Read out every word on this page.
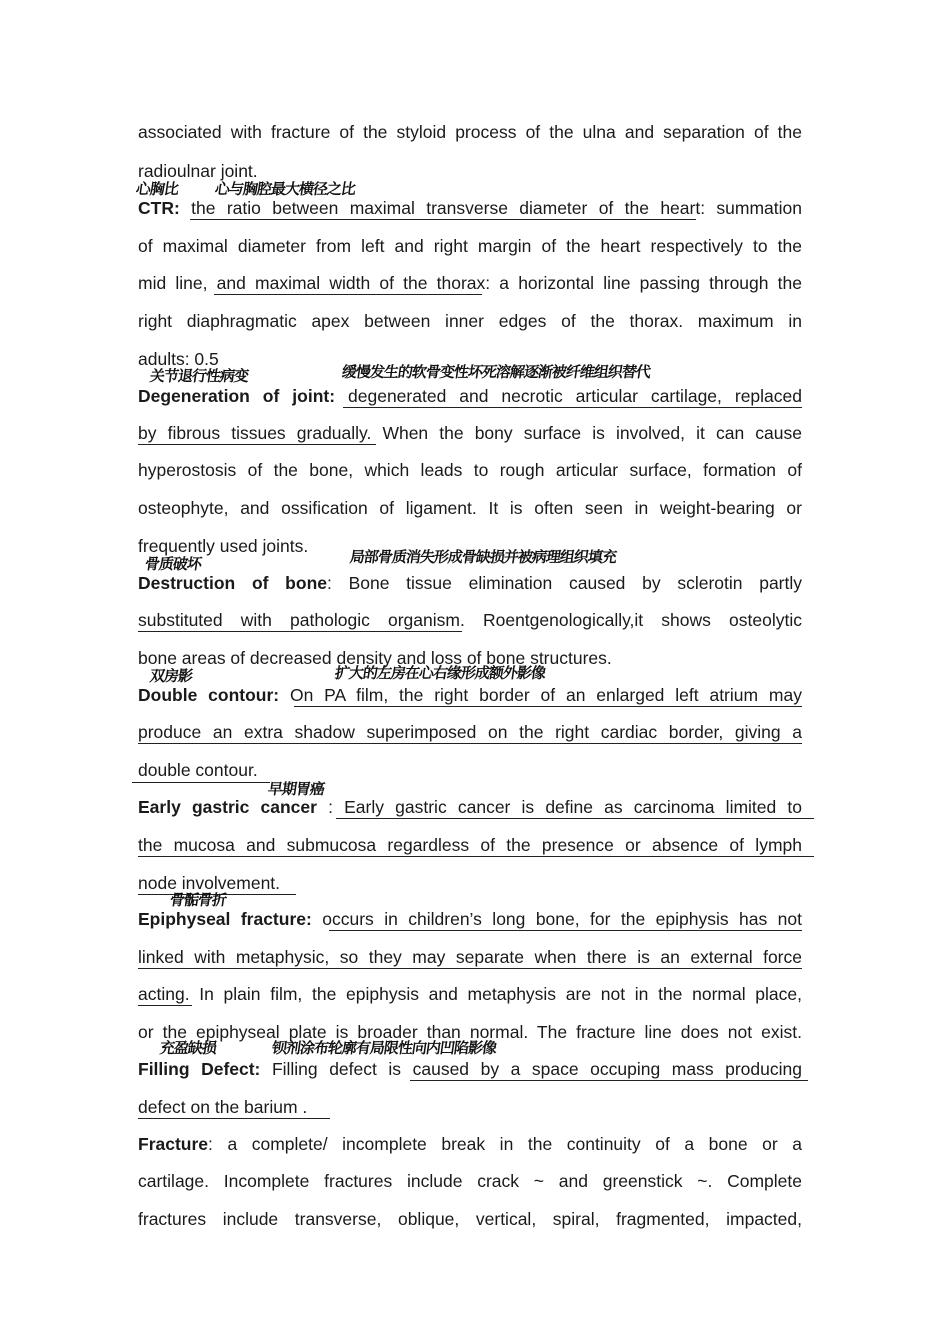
associated with fracture of the styloid process of the ulna and separation of the
radioulnar joint.
心胸比 心与胸腔最大横径之比
CTR: the ratio between maximal transverse diameter of the heart: summation
of maximal diameter from left and right margin of the heart respectively to the
mid line, and maximal width of the thorax: a horizontal line passing through the
right diaphragmatic apex between inner edges of the thorax. maximum in
adults: 0.5
关节退行性病变	缓慢发生的软骨变性坏死溶解逐渐被纤维组织替代
Degeneration of joint: degenerated and necrotic articular cartilage, replaced
by fibrous tissues gradually. When the bony surface is involved, it can cause
hyperostosis of the bone, which leads to rough articular surface, formation of
osteophyte, and ossification of ligament. It is often seen in weight-bearing or
frequently used joints.
骨质破坏	局部骨质消失形成骨缺损并被病理组织填充
Destruction of bone: Bone tissue elimination caused by sclerotin partly
substituted with pathologic organism. Roentgenologically,it shows osteolytic
bone areas of decreased density and loss of bone structures.
双房影	扩大的左房在心右缘形成额外影像
Double contour: On PA film, the right border of an enlarged left atrium may
produce an extra shadow superimposed on the right cardiac border, giving a
double contour.
早期胃癌
Early gastric cancer : Early gastric cancer is define as carcinoma limited to
the mucosa and submucosa regardless of the presence or absence of lymph
node involvement.
骨骺骨折
Epiphyseal fracture: occurs in children’s long bone, for the epiphysis has not
linked with metaphysic, so they may separate when there is an external force
acting. In plain film, the epiphysis and metaphysis are not in the normal place,
or the epiphyseal plate is broader than normal. The fracture line does not exist.
充盈缺损	钡剂涂布轮廓有局限性向内凹陷影像
Filling Defect: Filling defect is caused by a space occuping mass producing
defect on the barium .
Fracture: a complete/ incomplete break in the continuity of a bone or a
cartilage. Incomplete fractures include crack ~ and greenstick ~. Complete
fractures include transverse, oblique, vertical, spiral, fragmented, impacted,
